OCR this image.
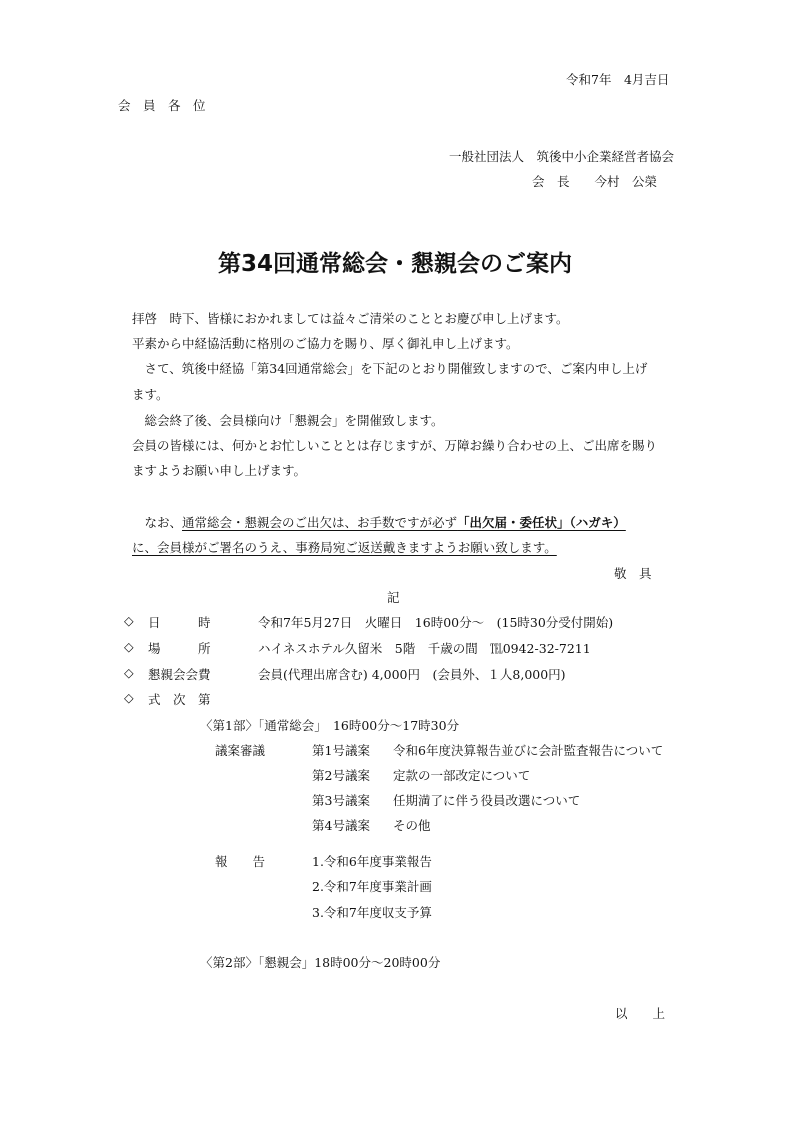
令和7年　4月吉日
会　員　各　位
一般社団法人　筑後中小企業経営者協会
会　長　　今村　公榮
第34回通常総会・懇親会のご案内
拝啓　時下、皆様におかれましては益々ご清栄のこととお慶び申し上げます。
平素から中経協活動に格別のご協力を賜り、厚く御礼申し上げます。
　さて、筑後中経協「第34回通常総会」を下記のとおり開催致しますので、ご案内申し上げ
ます。
　総会終了後、会員様向け「懇親会」を開催致します。
会員の皆様には、何かとお忙しいこととは存じますが、万障お繰り合わせの上、ご出席を賜り
ますようお願い申し上げます。
　なお、通常総会・懇親会のご出欠は、お手数ですが必ず「出欠届・委任状」（ハガキ）
に、会員様がご署名のうえ、事務局宛ご返送戴きますようお願い致します。
敬　具
記
◇	日　　　時	令和7年5月27日　火曜日　16時00分～　(15時30分受付開始)
◇	場　　　所	ハイネスホテル久留米　5階　千歳の間　℡0942-32-7211
◇	懇親会会費	会員(代理出席含む) 4,000円　(会員外、１人8,000円)
◇	式　次　第
〈第1部〉「通常総会」　16時00分～17時30分
議案審議	第1号議案 令和6年度決算報告並びに会計監査報告について
第2号議案 定款の一部改定について
第3号議案 任期満了に伴う役員改選について
第4号議案 その他
報　　告	1.令和6年度事業報告
2.令和7年度事業計画
3.令和7年度収支予算
〈第2部〉「懇親会」18時00分～20時00分
以　　上
